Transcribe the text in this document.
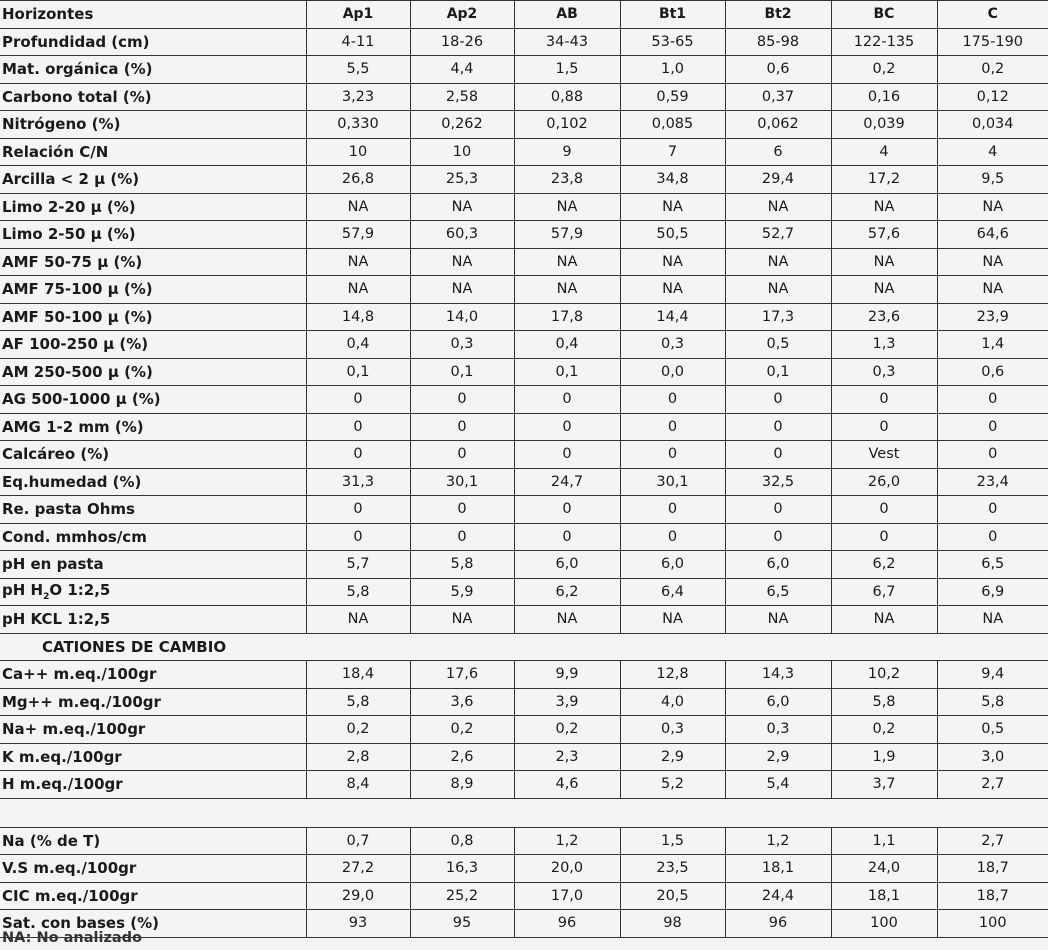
Horizontes	Ap1	Ap2	AB	Bt1	Bt2	BC	C
Profundidad (cm)	4-11	18-26	34-43	53-65	85-98	122-135	175-190
Mat. orgánica (%)	5,5	4,4	1,5	1,0	0,6	0,2	0,2
Carbono total (%)	3,23	2,58	0,88	0,59	0,37	0,16	0,12
Nitrógeno (%)	0,330	0,262	0,102	0,085	0,062	0,039	0,034
Relación C/N	10	10	9	7	6	4	4
Arcilla < 2 μ (%)	26,8	25,3	23,8	34,8	29,4	17,2	9,5
Limo 2-20 μ (%)	NA	NA	NA	NA	NA	NA	NA
Limo 2-50 μ (%)	57,9	60,3	57,9	50,5	52,7	57,6	64,6
AMF 50-75 μ (%)	NA	NA	NA	NA	NA	NA	NA
AMF 75-100 μ (%)	NA	NA	NA	NA	NA	NA	NA
AMF 50-100 μ (%)	14,8	14,0	17,8	14,4	17,3	23,6	23,9
AF 100-250 μ (%)	0,4	0,3	0,4	0,3	0,5	1,3	1,4
AM 250-500 μ (%)	0,1	0,1	0,1	0,0	0,1	0,3	0,6
AG 500-1000 μ (%)	0	0	0	0	0	0	0
AMG 1-2 mm (%)	0	0	0	0	0	0	0
Calcáreo (%)	0	0	0	0	0	Vest	0
Eq.humedad (%)	31,3	30,1	24,7	30,1	32,5	26,0	23,4
Re. pasta Ohms	0	0	0	0	0	0	0
Cond. mmhos/cm	0	0	0	0	0	0	0
pH en pasta	5,7	5,8	6,0	6,0	6,0	6,2	6,5
pH $H_2O$ 1:2,5	5,8	5,9	6,2	6,4	6,5	6,7	6,9
pH KCL 1:2,5	NA	NA	NA	NA	NA	NA	NA
CATIONES DE CAMBIO							
Ca++ m.eq./100gr	18,4	17,6	9,9	12,8	14,3	10,2	9,4
Mg++ m.eq./100gr	5,8	3,6	3,9	4,0	6,0	5,8	5,8
Na+ m.eq./100gr	0,2	0,2	0,2	0,3	0,3	0,2	0,5
K m.eq./100gr	2,8	2,6	2,3	2,9	2,9	1,9	3,0
H m.eq./100gr	8,4	8,9	4,6	5,2	5,4	3,7	2,7

Na (% de T)	0,7	0,8	1,2	1,5	1,2	1,1	2,7
V.S m.eq./100gr	27,2	16,3	20,0	23,5	18,1	24,0	18,7
CIC m.eq./100gr	29,0	25,2	17,0	20,5	24,4	18,1	18,7
Sat. con bases (%)	93	95	96	98	96	100	100
NA: No analizado
